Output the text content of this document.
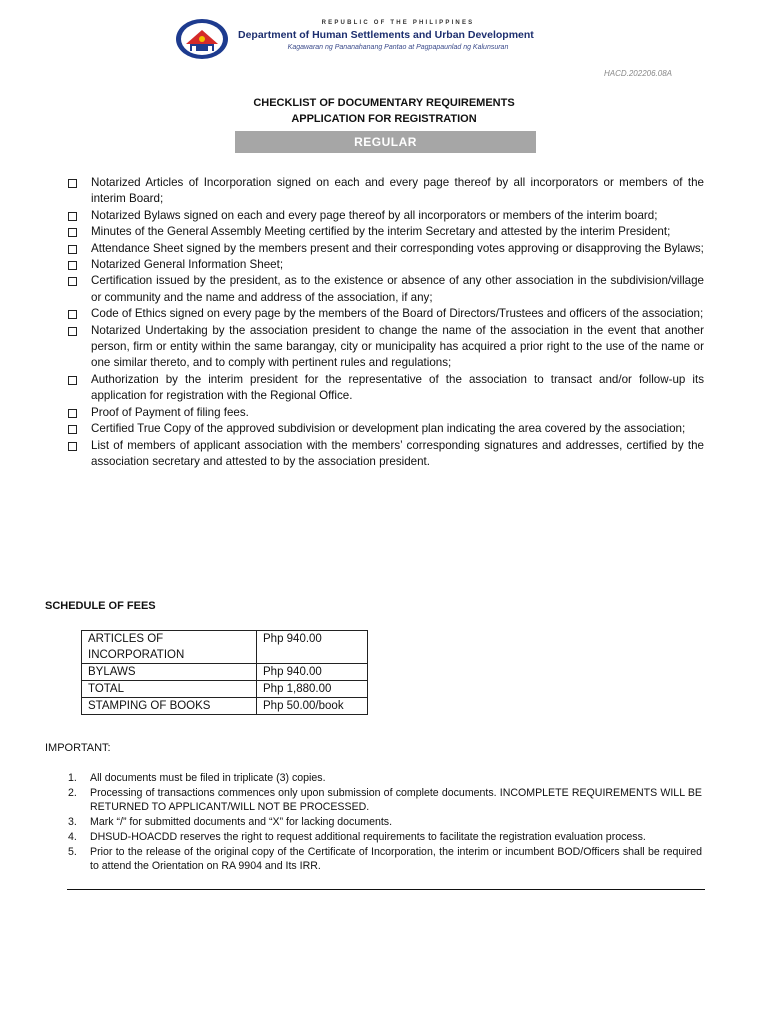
REPUBLIC OF THE PHILIPPINES
Department of Human Settlements and Urban Development
Kagawaran ng Pananahanang Pantao at Pagpapaunlad ng Kalunsuran
HACD.202206.08A
CHECKLIST OF DOCUMENTARY REQUIREMENTS
APPLICATION FOR REGISTRATION
REGULAR
Notarized Articles of Incorporation signed on each and every page thereof by all incorporators or members of the interim Board;
Notarized Bylaws signed on each and every page thereof by all incorporators or members of the interim board;
Minutes of the General Assembly Meeting certified by the interim Secretary and attested by the interim President;
Attendance Sheet signed by the members present and their corresponding votes approving or disapproving the Bylaws;
Notarized General Information Sheet;
Certification issued by the president, as to the existence or absence of any other association in the subdivision/village or community and the name and address of the association, if any;
Code of Ethics signed on every page by the members of the Board of Directors/Trustees and officers of the association;
Notarized Undertaking by the association president to change the name of the association in the event that another person, firm or entity within the same barangay, city or municipality has acquired a prior right to the use of the name or one similar thereto, and to comply with pertinent rules and regulations;
Authorization by the interim president for the representative of the association to transact and/or follow-up its application for registration with the Regional Office.
Proof of Payment of filing fees.
Certified True Copy of the approved subdivision or development plan indicating the area covered by the association;
List of members of applicant association with the members’ corresponding signatures and addresses, certified by the association secretary and attested to by the association president.
SCHEDULE OF FEES
ARTICLES OF INCORPORATION	Php 940.00
BYLAWS	Php 940.00
TOTAL	Php 1,880.00
STAMPING OF BOOKS	Php 50.00/book
IMPORTANT:
1.	All documents must be filed in triplicate (3) copies.
2.	Processing of transactions commences only upon submission of complete documents. INCOMPLETE REQUIREMENTS WILL BE RETURNED TO APPLICANT/WILL NOT BE PROCESSED.
3.	Mark “/” for submitted documents and “X” for lacking documents.
4.	DHSUD-HOACDD reserves the right to request additional requirements to facilitate the registration evaluation process.
5.	Prior to the release of the original copy of the Certificate of Incorporation, the interim or incumbent BOD/Officers shall be required to attend the Orientation on RA 9904 and Its IRR.
